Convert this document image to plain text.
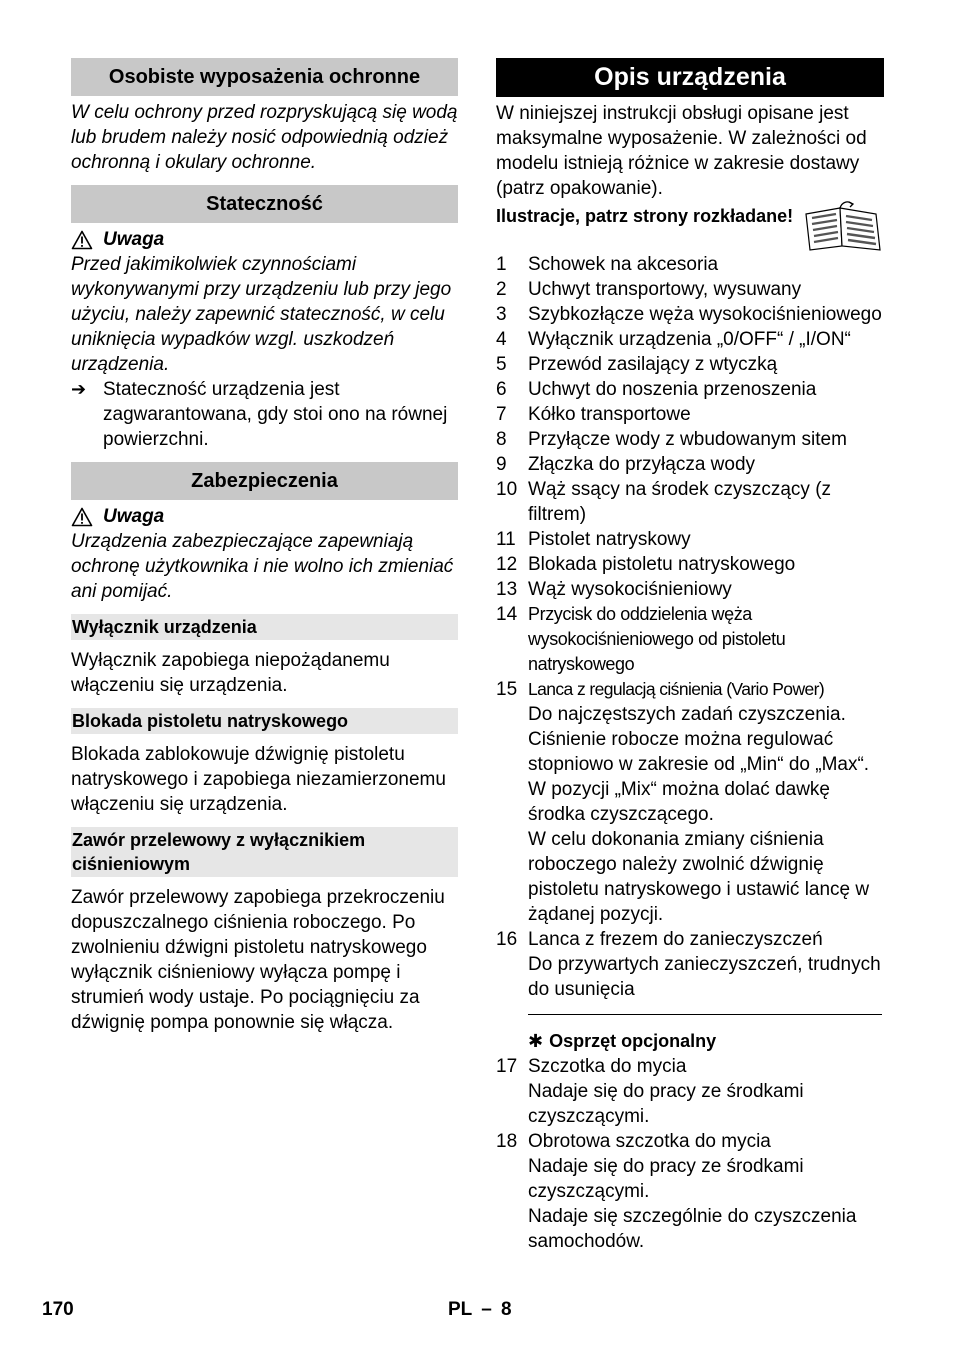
Osobiste wyposażenia ochronne

W celu ochrony przed rozpryskującą się wodą lub brudem należy nosić odpowiednią odzież ochronną i okulary ochronne.

Stateczność
Uwaga

Przed jakimikolwiek czynnościami wykonywanymi przy urządzeniu lub przy jego użyciu, należy zapewnić stateczność, w celu uniknięcia wypadków wzgl. uszkodzeń urządzenia.

➔ Stateczność urządzenia jest zagwarantowana, gdy stoi ono na równej powierzchni.
Zabezpieczenia
Uwaga

Urządzenia zabezpieczające zapewniają ochronę użytkownika i nie wolno ich zmieniać ani pomijać.

Wyłącznik urządzenia

Wyłącznik zapobiega niepożądanemu włączeniu się urządzenia.

Blokada pistoletu natryskowego

Blokada zablokowuje dźwignię pistoletu natryskowego i zapobiega niezamierzonemu włączeniu się urządzenia.

Zawór przelewowy z wyłącznikiem ciśnieniowym

Zawór przelewowy zapobiega przekroczeniu dopuszczalnego ciśnienia roboczego. Po zwolnieniu dźwigni pistoletu natryskowego wyłącznik ciśnieniowy wyłącza pompę i strumień wody ustaje. Po pociągnięciu za dźwignię pompa ponownie się włącza.

Opis urządzenia

W niniejszej instrukcji obsługi opisane jest maksymalne wyposażenie. W zależności od modelu istnieją różnice w zakresie dostawy (patrz opakowanie).

Ilustracje, patrz strony rozkładane!
1	Schowek na akcesoria
2	Uchwyt transportowy, wysuwany
3	Szybkozłącze węża wysokociśnieniowego
4	Wyłącznik urządzenia „0/OFF“ / „I/ON“
5	Przewód zasilający z wtyczką
6	Uchwyt do noszenia przenoszenia
7	Kółko transportowe
8	Przyłącze wody z wbudowanym sitem
9	Złączka do przyłącza wody
10 Wąż ssący na środek czyszczący (z filtrem)
11 Pistolet natryskowy
12 Blokada pistoletu natryskowego
13 Wąż wysokociśnieniowy
14 Przycisk do oddzielenia węża wysokociśnieniowego od pistoletu natryskowego
15 Lanca z regulacją ciśnienia (Vario Power)
Do najczęstszych zadań czyszczenia. Ciśnienie robocze można regulować stopniowo w zakresie od „Min“ do „Max“. W pozycji „Mix“ można dolać dawkę środka czyszczącego.
W celu dokonania zmiany ciśnienia roboczego należy zwolnić dźwignię pistoletu natryskowego i ustawić lancę w żądanej pozycji.
16 Lanca z frezem do zanieczyszczeń
Do przywartych zanieczyszczeń, trudnych do usunięcia
✱ Osprzęt opcjonalny
17 Szczotka do mycia
Nadaje się do pracy ze środkami czyszczącymi.
18 Obrotowa szczotka do mycia
Nadaje się do pracy ze środkami czyszczącymi.
Nadaje się szczególnie do czyszczenia samochodów.
170	PL – 8
